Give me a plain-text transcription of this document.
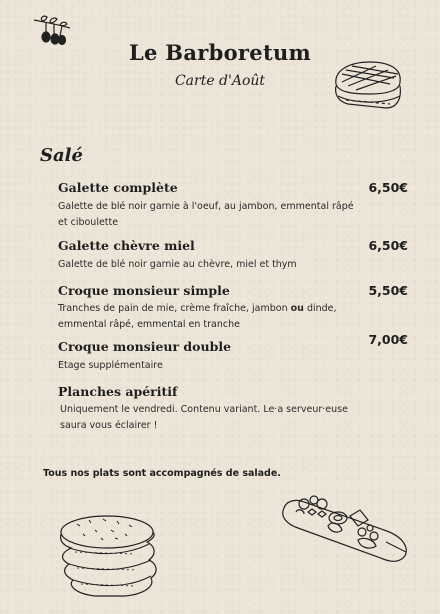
Le Barboretum
Carte d'Août
Salé
Galette complète	6,50€
Galette de blé noir garnie à l'oeuf, au jambon, emmental râpé et ciboulette
Galette chèvre miel	6,50€
Galette de blé noir garnie au chèvre, miel et thym
Croque monsieur simple	5,50€
Tranches de pain de mie, crème fraîche, jambon ou dinde, emmental râpé, emmental en tranche
Croque monsieur double	7,00€
Etage supplémentaire
Planches apéritif
Uniquement le vendredi. Contenu variant. Le·a serveur·euse saura vous éclairer !
Tous nos plats sont accompagnés de salade.
